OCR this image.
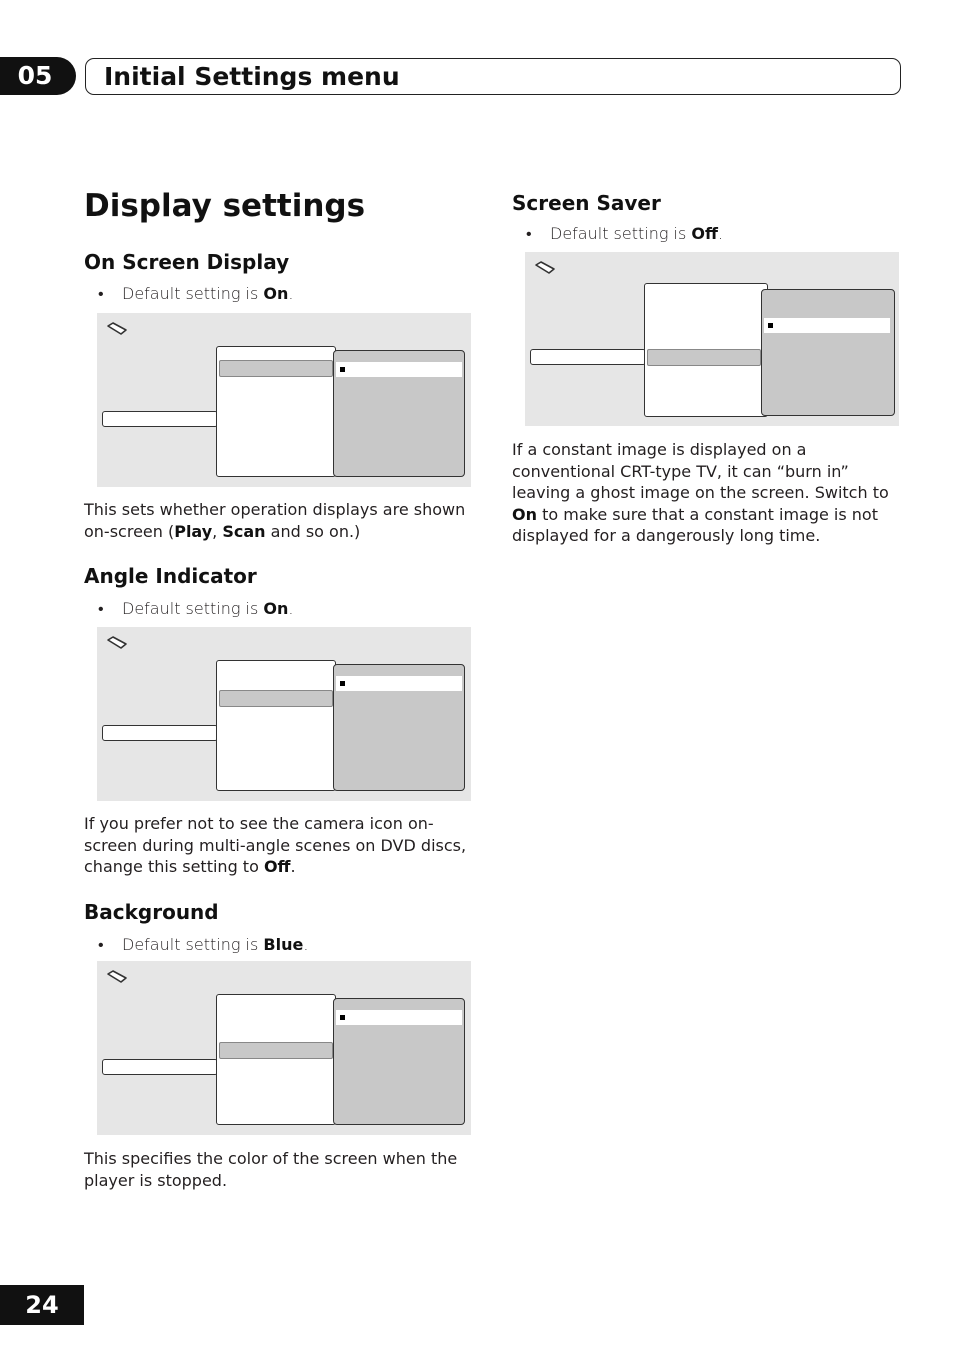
05	Initial Settings menu
Display settings
On Screen Display
• Default setting is On.

This sets whether operation displays are shown on-screen (Play, Scan and so on.)

Angle Indicator
• Default setting is On.

If you prefer not to see the camera icon on-screen during multi-angle scenes on DVD discs, change this setting to Off.

Background
• Default setting is Blue.

This specifies the color of the screen when the player is stopped.

Screen Saver
• Default setting is Off.

If a constant image is displayed on a conventional CRT-type TV, it can “burn in” leaving a ghost image on the screen. Switch to On to make sure that a constant image is not displayed for a dangerously long time.

24
